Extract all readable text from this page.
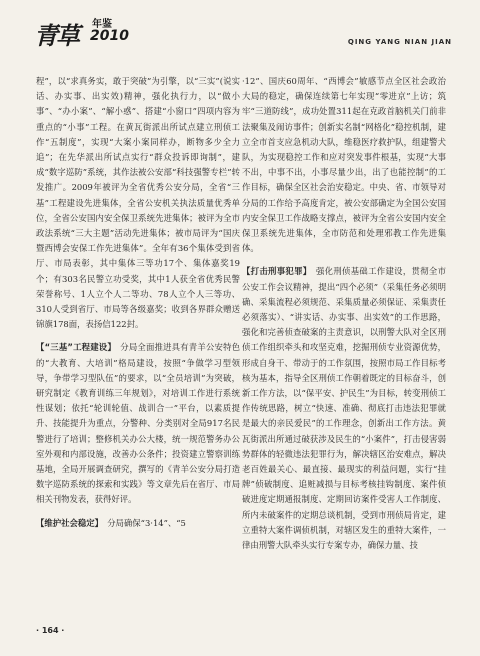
青草 年鉴
2010	QING YANG NIAN JIAN

程”，以“求真务实，敢于突破”为引擎，以“三实”(说实话、办实事、出实效)精神，强化执行力，以“做小事”、“办小案”、“解小惑”、搭建“小窗口”四项内容为重点的“小事”工程。在黄瓦街派出所试点建立刑侦工作“五制度”，实现“大案小案同样办，断物多少全力追”；在先华派出所试点实行“群众投诉即询制”，建成“数字巡防”系统，其作法被公安部“科技强警专栏”转发推广。2009年被评为全省优秀公安分局，全省“三基”工程建设先进集体，全省公安机关执法质量优秀单位，全省公安国内安全保卫系统先进集体；被评为全市政法系统“三大主题”活动先进集体；被市局评为“国庆暨西博会安保工作先进集体”。全年有36个集体受到省厅、市局表彰，其中集体三等功17个、集体嘉奖19个；有303名民警立功受奖，其中1人获全省优秀民警荣誉称号、1人立个人二等功、78人立个人三等功、310人受到省厅、市局等各级嘉奖；收到各界群众赠送锦旗178面，表扬信122封。

【“三基”工程建设】　 分局全面推进具有青羊公安特色的“大教育、大培训”格局建设，按照“争做学习型领导，争带学习型队伍”的要求，以“全员培训”为突破，研究制定《教育训练三年规划》，对培训工作进行系统性谋划；依托“轮训轮值、战训合一”平台，以素质提升、技能提升为重点，分警种、分类别对全局917名民警进行了培训；整修机关办公大楼，统一规范警务办公室外观和内部设施，改善办公条件；投资建立警察训练基地，全局开展调查研究，撰写的《青羊公安分局打造数字巡防系统的探索和实践》等文章先后在省厅、市局相关刊物发表，获得好评。

【维护社会稳定】　 分局确保“3·14”、“5

·12”、国庆60周年、“西博会”敏感节点全区社会政治大局的稳定，确保连续第七年实现“零进京”上访；筑牢“三道防线”，成功处置311起在克政首脑机关门前非法聚集及闹访事件；创新实名制“网格化”稳控机制，建立全市首支应急机动大队，维稳医疗救护队，组建警犬队，为实现稳控工作和应对突发事件根基，实现“大事不出，中事不出，小事尽量少出，出了也能控制”的工作目标，确保全区社会治安稳定。中央、省、市领导对分局的工作给予高度肯定，被公安部确定为全国公安国内安全保卫工作战略支撑点，被评为全省公安国内安全保卫系统先进集体，全市防范和处理邪教工作先进集体。

【打击刑事犯罪】　 强化刑侦基础工作建设，贯彻全市公安工作会议精神，提出“四个必须”（采集任务必须明确、采集流程必须规范、采集质量必须保证、采集责任必须落实）、“讲实话、办实事、出实效”的工作思路，强化和完善侦查破案的主责意识，以刑警大队对全区刑侦工作组织牵头和攻坚克难，挖掘刑侦专业资源优势，形成自身干、带动于的工作氛围，按照市局工作目标考核为基本，指导全区刑侦工作朝着既定的目标奋斗，创新工作方法，以“保平安、护民生”为目标，转变刑侦工作传统思路，树立“快速、准确、彻底打击违法犯罪就是最大的亲民爱民”的工作理念，创新出工作方法。黄瓦街派出所通过破获涉及民生的“小案件”，打击侵害弱势群体的轻微违法犯罪行为，解决辖区治安难点，解决老百姓最关心、最直接、最现实的利益问题，实行“挂牌”侦破制度、追赃减损与目标考核挂钩制度、案件侦破进度定期通报制度、定期回访案件受害人工作制度、所内未破案件的定期总谈机制，受到市刑侦局肯定，建立重特大案件调侦机制，对辖区发生的重特大案件，一律由刑警大队牵头实行专案专办，确保力量、技

· 164 ·
